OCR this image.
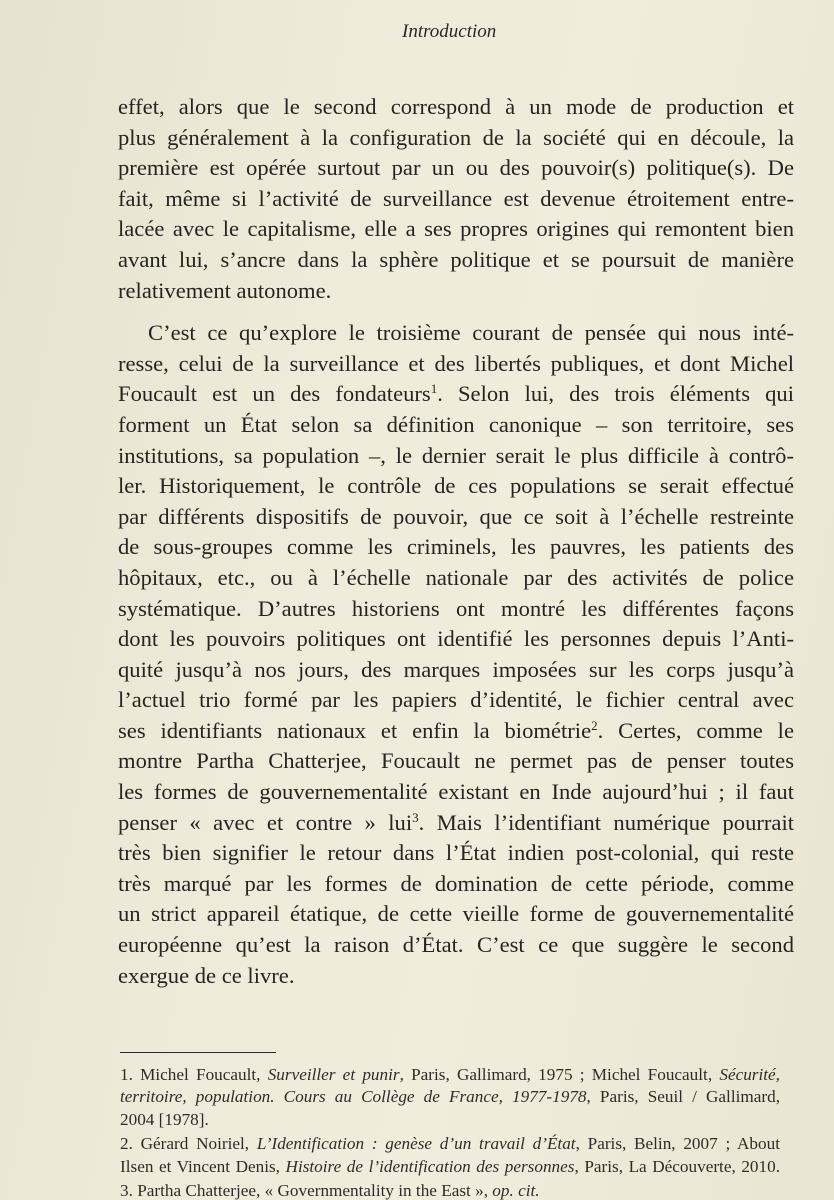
Introduction
effet, alors que le second correspond à un mode de production et
plus généralement à la configuration de la société qui en découle, la
première est opérée surtout par un ou des pouvoir(s) politique(s). De
fait, même si l’activité de surveillance est devenue étroitement entre-
lacée avec le capitalisme, elle a ses propres origines qui remontent bien
avant lui, s’ancre dans la sphère politique et se poursuit de manière
relativement autonome.
C’est ce qu’explore le troisième courant de pensée qui nous inté-
resse, celui de la surveillance et des libertés publiques, et dont Michel
Foucault est un des fondateurs$^1$. Selon lui, des trois éléments qui
forment un État selon sa définition canonique – son territoire, ses
institutions, sa population –, le dernier serait le plus difficile à contrô-
ler. Historiquement, le contrôle de ces populations se serait effectué
par différents dispositifs de pouvoir, que ce soit à l’échelle restreinte
de sous-groupes comme les criminels, les pauvres, les patients des
hôpitaux, etc., ou à l’échelle nationale par des activités de police
systématique. D’autres historiens ont montré les différentes façons
dont les pouvoirs politiques ont identifié les personnes depuis l’Anti-
quité jusqu’à nos jours, des marques imposées sur les corps jusqu’à
l’actuel trio formé par les papiers d’identité, le fichier central avec
ses identifiants nationaux et enfin la biométrie$^2$. Certes, comme le
montre Partha Chatterjee, Foucault ne permet pas de penser toutes
les formes de gouvernementalité existant en Inde aujourd’hui ; il faut
penser « avec et contre » lui$^3$. Mais l’identifiant numérique pourrait
très bien signifier le retour dans l’État indien post-colonial, qui reste
très marqué par les formes de domination de cette période, comme
un strict appareil étatique, de cette vieille forme de gouvernementalité
européenne qu’est la raison d’État. C’est ce que suggère le second
exergue de ce livre.
1. Michel Foucault, Surveiller et punir, Paris, Gallimard, 1975 ; Michel Foucault, Sécurité,
territoire, population. Cours au Collège de France, 1977-1978, Paris, Seuil / Gallimard,
2004 [1978].
2. Gérard Noiriel, L’Identification : genèse d’un travail d’État, Paris, Belin, 2007 ; About
Ilsen et Vincent Denis, Histoire de l’identification des personnes, Paris, La Découverte, 2010.
3. Partha Chatterjee, « Governmentality in the East », op. cit.
